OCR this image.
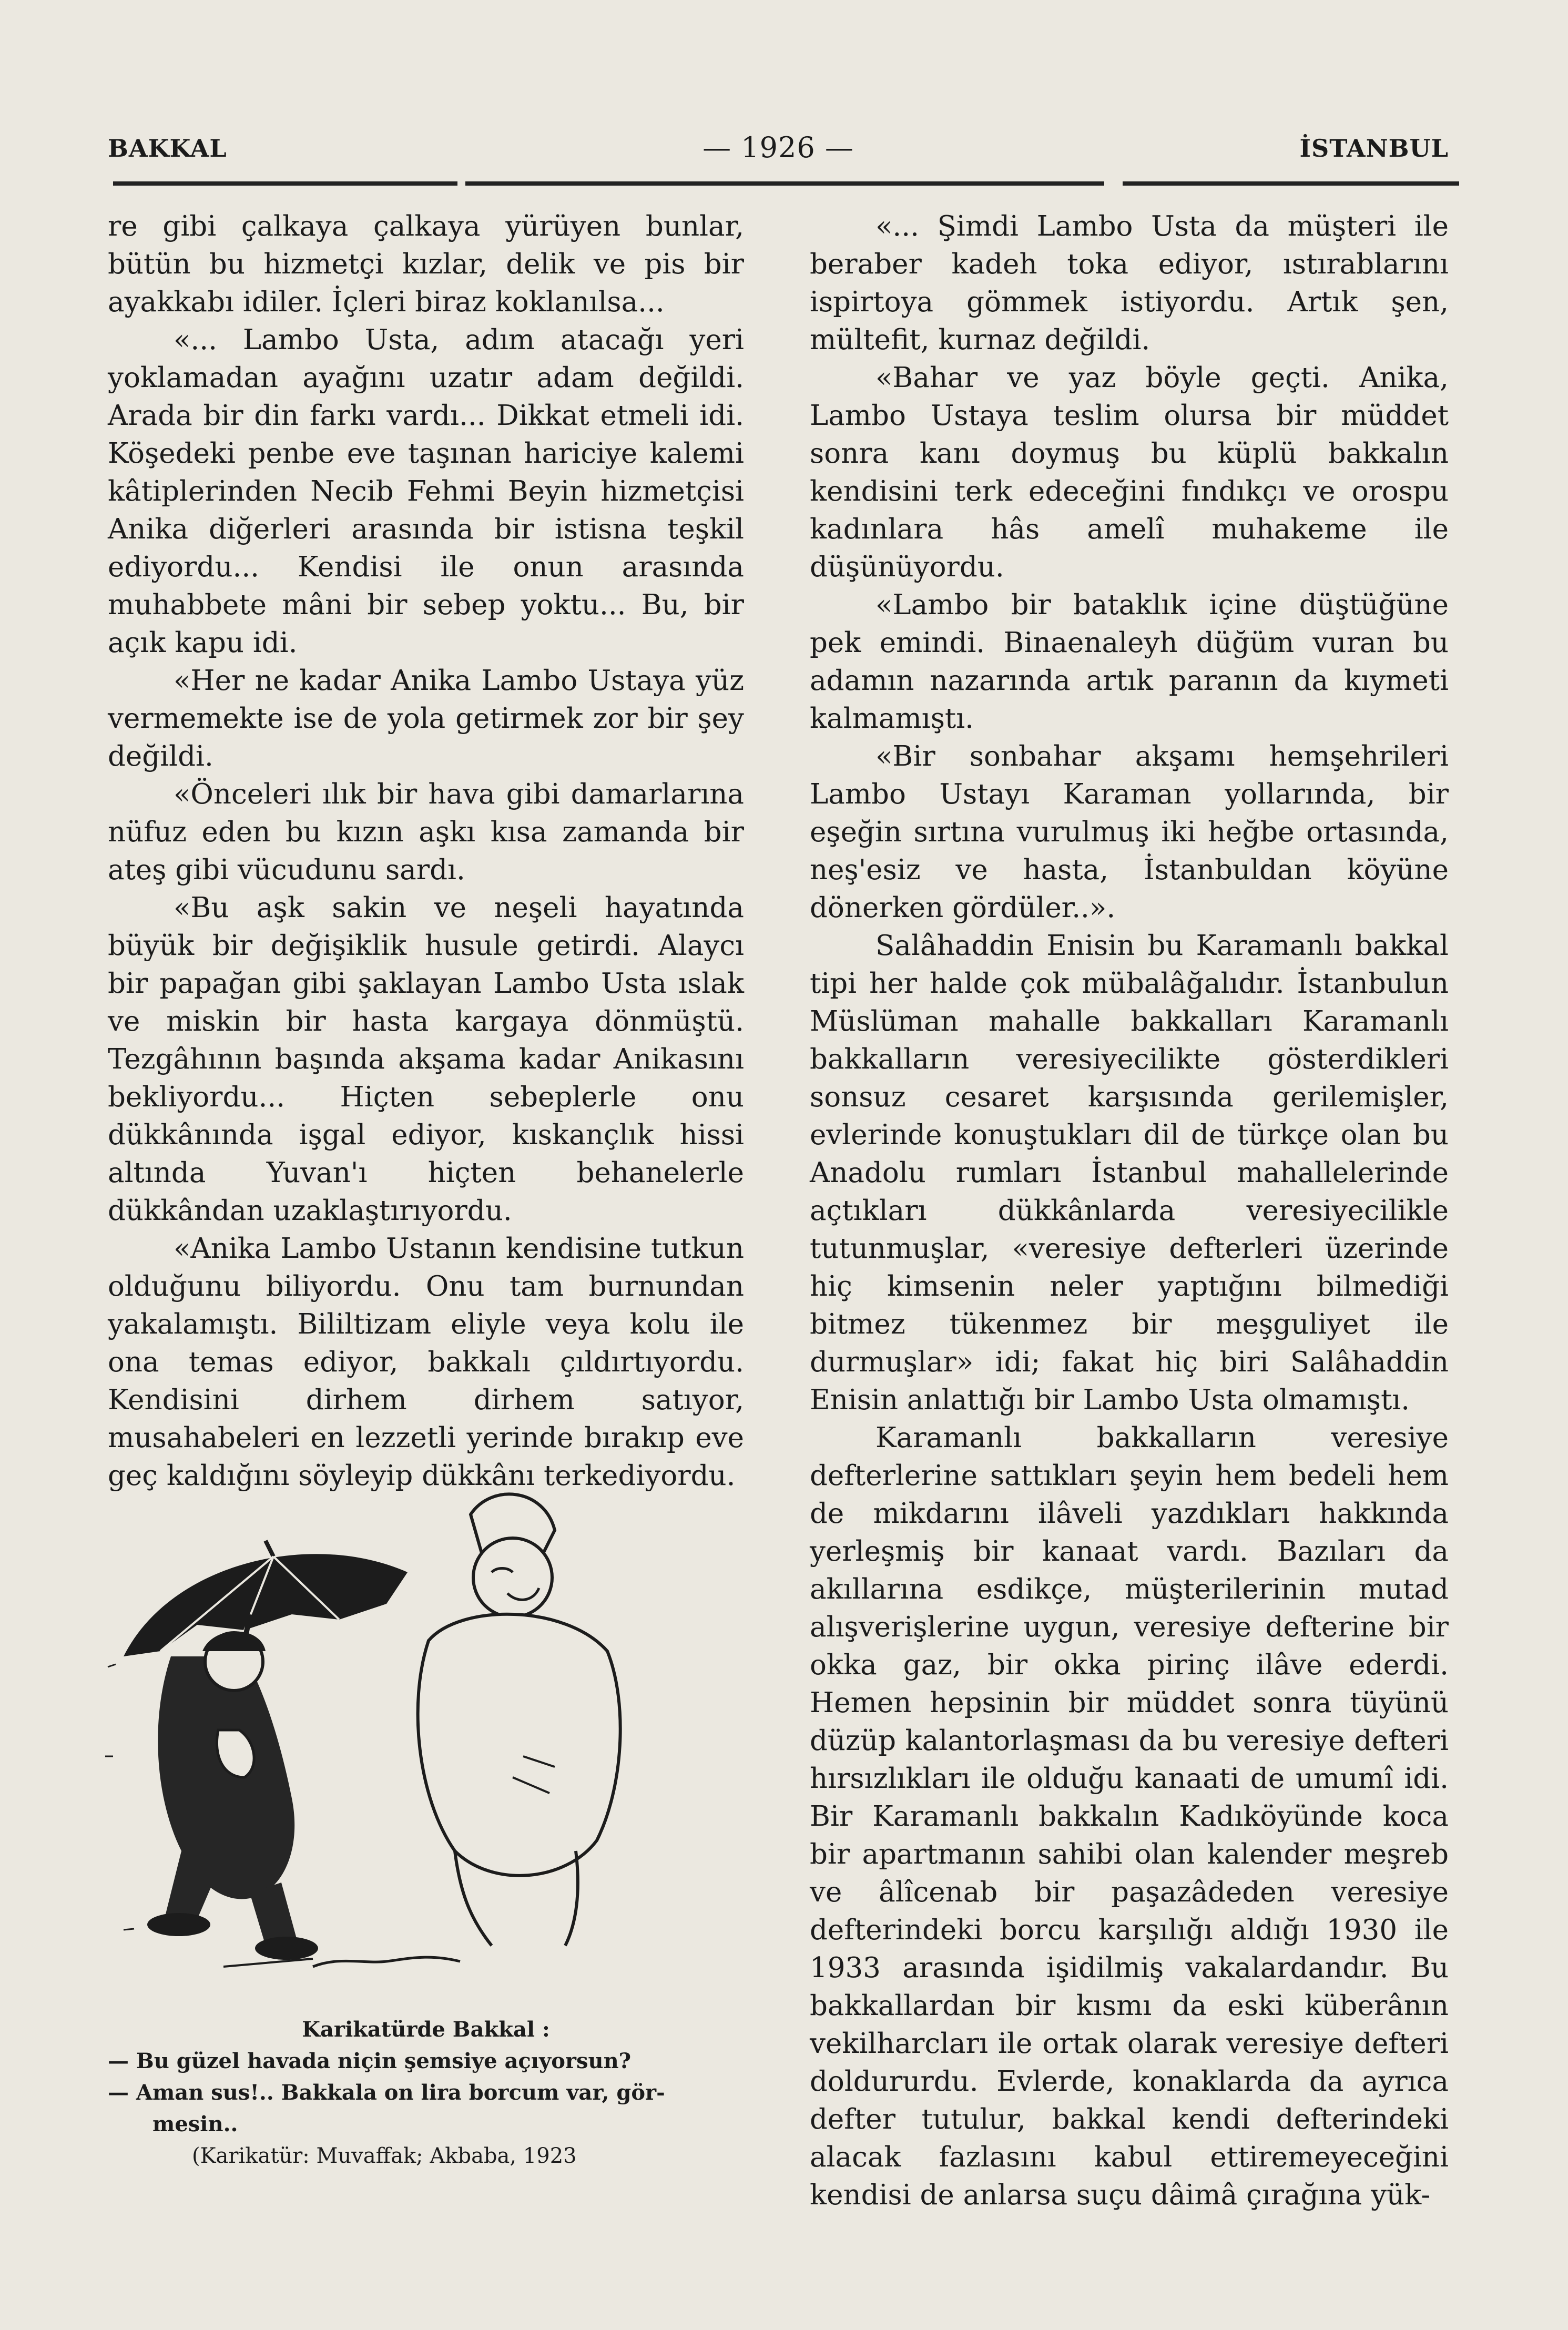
BAKKAL	— 1926 —	İSTANBUL

re gibi çalkaya çalkaya yürüyen bunlar, bütün bu hizmetçi kızlar, delik ve pis bir ayakkabı idiler. İçleri biraz koklanılsa...

«... Lambo Usta, adım atacağı yeri yoklamadan ayağını uzatır adam değildi. Arada bir din farkı vardı... Dikkat etmeli idi. Köşedeki penbe eve taşınan hariciye kalemi kâtiplerinden Necib Fehmi Beyin hizmetçisi Anika diğerleri arasında bir istisna teşkil ediyordu... Kendisi ile onun arasında muhabbete mâni bir sebep yoktu... Bu, bir açık kapu idi.

«Her ne kadar Anika Lambo Ustaya yüz vermemekte ise de yola getirmek zor bir şey değildi.

«Önceleri ılık bir hava gibi damarlarına nüfuz eden bu kızın aşkı kısa zamanda bir ateş gibi vücudunu sardı.

«Bu aşk sakin ve neşeli hayatında büyük bir değişiklik husule getirdi. Alaycı bir papağan gibi şaklayan Lambo Usta ıslak ve miskin bir hasta kargaya dönmüştü. Tezgâhının başında akşama kadar Anikasını bekliyordu... Hiçten sebeplerle onu dükkânında işgal ediyor, kıskançlık hissi altında Yuvan'ı hiçten behanelerle dükkândan uzaklaştırıyordu.

«Anika Lambo Ustanın kendisine tutkun olduğunu biliyordu. Onu tam burnundan yakalamıştı. Bililtizam eliyle veya kolu ile ona temas ediyor, bakkalı çıldırtıyordu. Kendisini dirhem dirhem satıyor, musahabeleri en lezzetli yerinde bırakıp eve geç kaldığını söyleyip dükkânı terkediyordu.

Karikatürde Bakkal :
— Bu güzel havada niçin şemsiye açıyorsun?
— Aman sus!.. Bakkala on lira borcum var, gör-
mesin..
(Karikatür: Muvaffak; Akbaba, 1923

«... Şimdi Lambo Usta da müşteri ile beraber kadeh toka ediyor, ıstırablarını ispirtoya gömmek istiyordu. Artık şen, mültefit, kurnaz değildi.

«Bahar ve yaz böyle geçti. Anika, Lambo Ustaya teslim olursa bir müddet sonra kanı doymuş bu küplü bakkalın kendisini terk edeceğini fındıkçı ve orospu kadınlara hâs amelî muhakeme ile düşünüyordu.

«Lambo bir bataklık içine düştüğüne pek emindi. Binaenaleyh düğüm vuran bu adamın nazarında artık paranın da kıymeti kalmamıştı.

«Bir sonbahar akşamı hemşehrileri Lambo Ustayı Karaman yollarında, bir eşeğin sırtına vurulmuş iki heğbe ortasında, neş'esiz ve hasta, İstanbuldan köyüne dönerken gördüler..».

Salâhaddin Enisin bu Karamanlı bakkal tipi her halde çok mübalâğalıdır. İstanbulun Müslüman mahalle bakkalları Karamanlı bakkalların veresiyecilikte gösterdikleri sonsuz cesaret karşısında gerilemişler, evlerinde konuştukları dil de türkçe olan bu Anadolu rumları İstanbul mahallelerinde açtıkları dükkânlarda veresiyecilikle tutunmuşlar, «veresiye defterleri üzerinde hiç kimsenin neler yaptığını bilmediği bitmez tükenmez bir meşguliyet ile durmuşlar» idi; fakat hiç biri Salâhaddin Enisin anlattığı bir Lambo Usta olmamıştı.

Karamanlı bakkalların veresiye defterlerine sattıkları şeyin hem bedeli hem de mikdarını ilâveli yazdıkları hakkında yerleşmiş bir kanaat vardı. Bazıları da akıllarına esdikçe, müşterilerinin mutad alışverişlerine uygun, veresiye defterine bir okka gaz, bir okka pirinç ilâve ederdi. Hemen hepsinin bir müddet sonra tüyünü düzüp kalantorlaşması da bu veresiye defteri hırsızlıkları ile olduğu kanaati de umumî idi. Bir Karamanlı bakkalın Kadıköyünde koca bir apartmanın sahibi olan kalender meşreb ve âlîcenab bir paşazâdeden veresiye defterindeki borcu karşılığı aldığı 1930 ile 1933 arasında işidilmiş vakalardandır. Bu bakkallardan bir kısmı da eski küberânın vekilharcları ile ortak olarak veresiye defteri doldururdu. Evlerde, konaklarda da ayrıca defter tutulur, bakkal kendi defterindeki alacak fazlasını kabul ettiremeyeceğini kendisi de anlarsa suçu dâimâ çırağına yük-
